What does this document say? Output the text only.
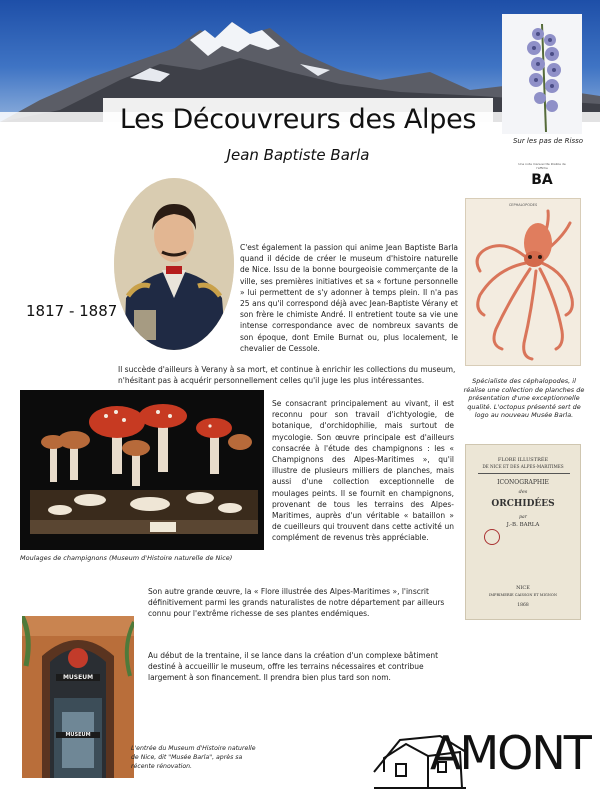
Les Découvreurs des Alpes
Jean Baptiste Barla
Sur les pas de Risso
Une note manuscrite illisible de l'affiche
BA
1817 - 1887
C'est également la passion qui anime Jean Baptiste Barla quand il décide de créer le museum d'histoire naturelle de Nice. Issu de la bonne bourgeoisie commerçante de la ville, ses premières initiatives et sa « fortune personnelle » lui permettent de s'y adonner à temps plein. Il n'a pas 25 ans qu'il correspond déjà avec Jean-Baptiste Vérany et son frère le chimiste André. Il entretient toute sa vie une intense correspondance avec de nombreux savants de son époque, dont Emile Burnat ou, plus localement, le chevalier de Cessole.
Il succède d'ailleurs à Verany à sa mort, et continue à enrichir les collections du museum, n'hésitant pas à acquérir personnellement celles qu'il juge les plus intéressantes.
CEPHALOPODES
Spécialiste des céphalopodes, il réalise une collection de planches de présentation d'une exceptionnelle qualité. L'octopus présenté sert de logo au nouveau Musée Barla.
Moulages de champignons (Museum d'Histoire naturelle de Nice)
Se consacrant principalement au vivant, il est reconnu pour son travail d'ichtyologie, de botanique, d'orchidophilie, mais surtout de mycologie. Son œuvre principale est d'ailleurs consacrée à l'étude des champignons : les « Champignons des Alpes-Maritimes », qu'il illustre de plusieurs milliers de planches, mais aussi d'une collection exceptionnelle de moulages peints. Il se fournit en champignons, provenant de tous les terrains des Alpes-Maritimes, auprès d'un véritable « bataillon » de cueilleurs qui trouvent dans cette activité un complément de revenus très appréciable.
FLORE ILLUSTRÉE
DE NICE ET DES ALPES-MARITIMES
ICONOGRAPHIE
des
ORCHIDÉES
par
J.-B. BARLA
NICE
IMPRIMERIE CAISSON ET MIGNON
1868
Son autre grande œuvre, la « Flore illustrée des Alpes-Maritimes », l'inscrit définitivement parmi les grands naturalistes de notre département par ailleurs connu pour l'extrême richesse de ses plantes endémiques.
Au début de la trentaine, il se lance dans la création d'un complexe bâtiment destiné à accueillir le museum, offre les terrains nécessaires et contribue largement à son financement. Il prendra bien plus tard son nom.
MUSEUM
MUSEUM
L'entrée du Museum d'Histoire naturelle de Nice, dit "Musée Barla", après sa récente rénovation.	AMONT
